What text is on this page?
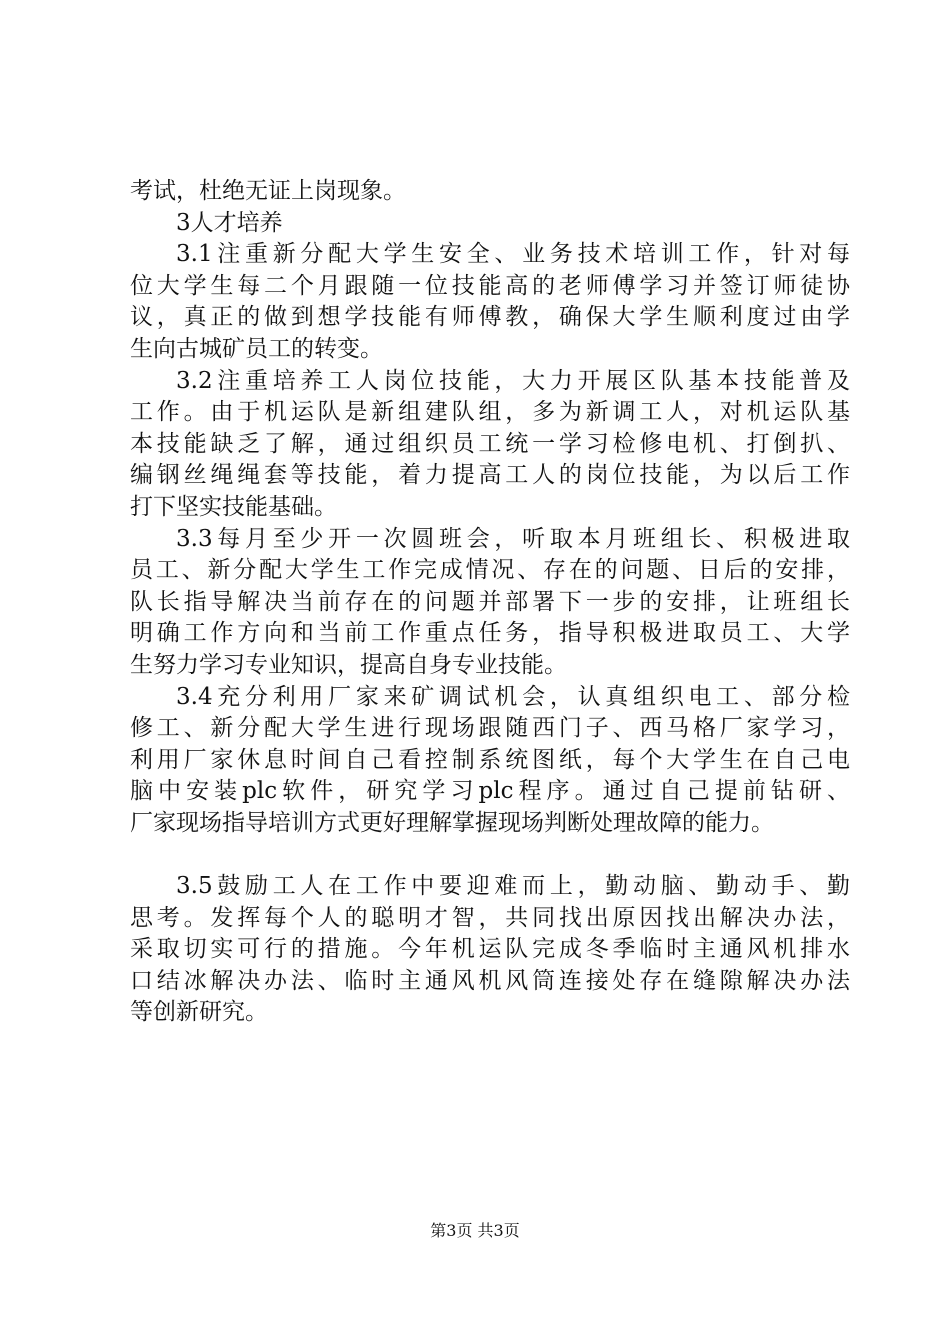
考试，杜绝无证上岗现象。
3人才培养
3.1注重新分配大学生安全、业务技术培训工作，针对每
位大学生每二个月跟随一位技能高的老师傅学习并签订师徒协
议，真正的做到想学技能有师傅教，确保大学生顺利度过由学
生向古城矿员工的转变。
3.2注重培养工人岗位技能，大力开展区队基本技能普及
工作。由于机运队是新组建队组，多为新调工人，对机运队基
本技能缺乏了解，通过组织员工统一学习检修电机、打倒扒、
编钢丝绳绳套等技能，着力提高工人的岗位技能，为以后工作
打下坚实技能基础。
3.3每月至少开一次圆班会，听取本月班组长、积极进取
员工、新分配大学生工作完成情况、存在的问题、日后的安排，
队长指导解决当前存在的问题并部署下一步的安排，让班组长
明确工作方向和当前工作重点任务，指导积极进取员工、大学
生努力学习专业知识，提高自身专业技能。
3.4充分利用厂家来矿调试机会，认真组织电工、部分检
修工、新分配大学生进行现场跟随西门子、西马格厂家学习，
利用厂家休息时间自己看控制系统图纸，每个大学生在自己电
脑中安装plc软件，研究学习plc程序。通过自己提前钻研、
厂家现场指导培训方式更好理解掌握现场判断处理故障的能力。
3.5鼓励工人在工作中要迎难而上，勤动脑、勤动手、勤
思考。发挥每个人的聪明才智，共同找出原因找出解决办法，
采取切实可行的措施。今年机运队完成冬季临时主通风机排水
口结冰解决办法、临时主通风机风筒连接处存在缝隙解决办法
等创新研究。
第3页 共3页
